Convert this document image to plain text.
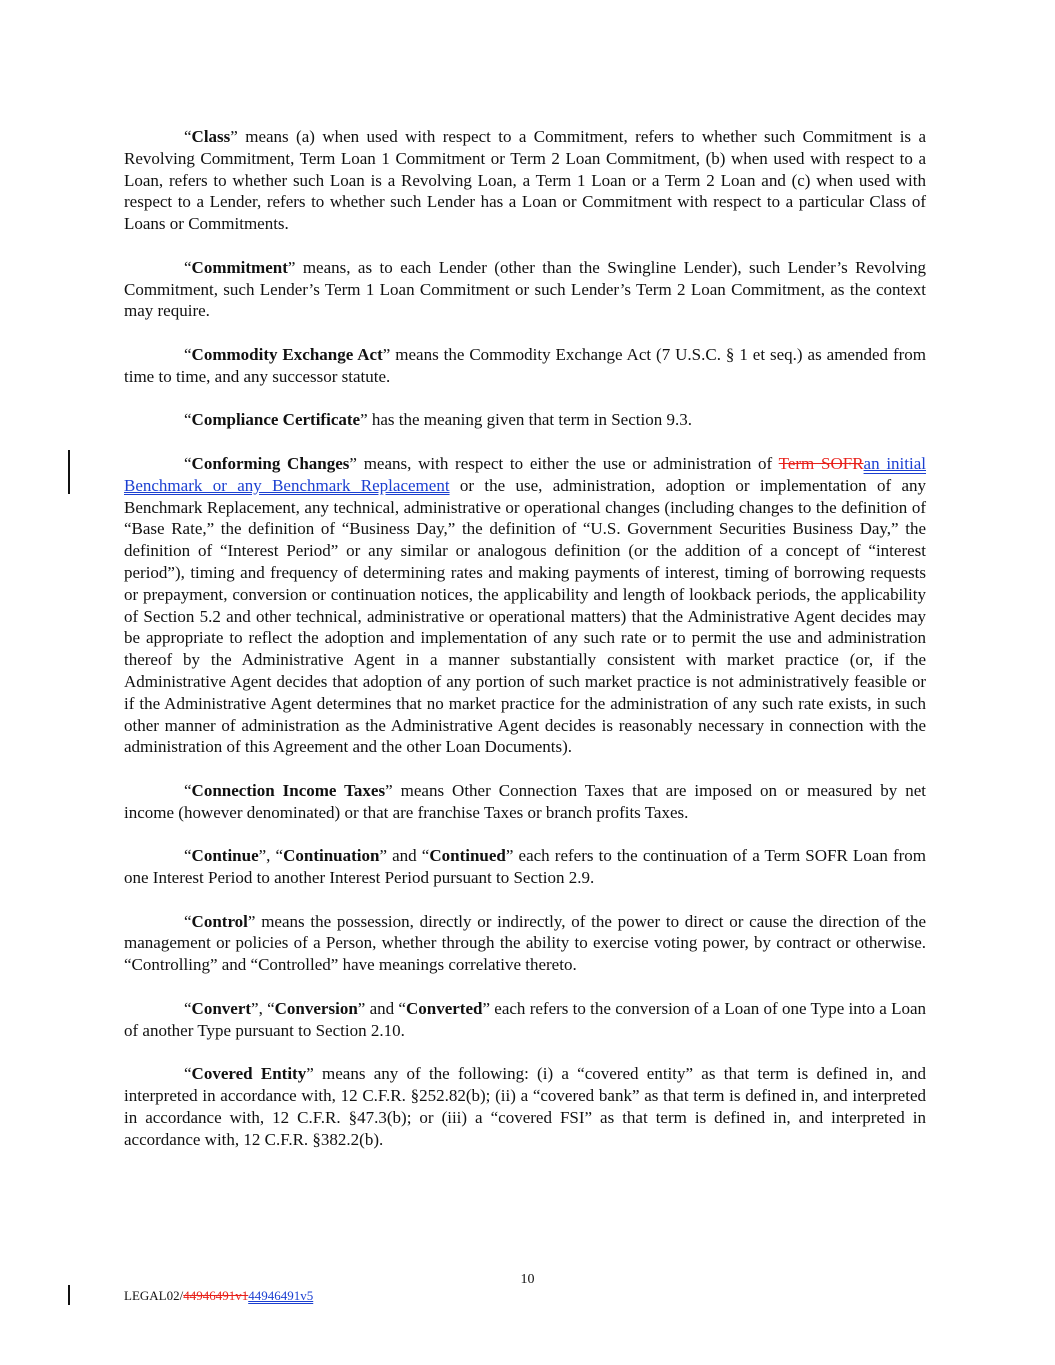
“Class” means (a) when used with respect to a Commitment, refers to whether such Commitment is a Revolving Commitment, Term Loan 1 Commitment or Term 2 Loan Commitment, (b) when used with respect to a Loan, refers to whether such Loan is a Revolving Loan, a Term 1 Loan or a Term 2 Loan and (c) when used with respect to a Lender, refers to whether such Lender has a Loan or Commitment with respect to a particular Class of Loans or Commitments.

“Commitment” means, as to each Lender (other than the Swingline Lender), such Lender’s Revolving Commitment, such Lender’s Term 1 Loan Commitment or such Lender’s Term 2 Loan Commitment, as the context may require.

“Commodity Exchange Act” means the Commodity Exchange Act (7 U.S.C. § 1 et seq.) as amended from time to time, and any successor statute.

“Compliance Certificate” has the meaning given that term in Section 9.3.

“Conforming Changes” means, with respect to either the use or administration of Term SOFRan initial Benchmark or any Benchmark Replacement or the use, administration, adoption or implementation of any Benchmark Replacement, any technical, administrative or operational changes (including changes to the definition of “Base Rate,” the definition of “Business Day,” the definition of “U.S. Government Securities Business Day,” the definition of “Interest Period” or any similar or analogous definition (or the addition of a concept of “interest period”), timing and frequency of determining rates and making payments of interest, timing of borrowing requests or prepayment, conversion or continuation notices, the applicability and length of lookback periods, the applicability of Section 5.2 and other technical, administrative or operational matters) that the Administrative Agent decides may be appropriate to reflect the adoption and implementation of any such rate or to permit the use and administration thereof by the Administrative Agent in a manner substantially consistent with market practice (or, if the Administrative Agent decides that adoption of any portion of such market practice is not administratively feasible or if the Administrative Agent determines that no market practice for the administration of any such rate exists, in such other manner of administration as the Administrative Agent decides is reasonably necessary in connection with the administration of this Agreement and the other Loan Documents).

“Connection Income Taxes” means Other Connection Taxes that are imposed on or measured by net income (however denominated) or that are franchise Taxes or branch profits Taxes.

“Continue”, “Continuation” and “Continued” each refers to the continuation of a Term SOFR Loan from one Interest Period to another Interest Period pursuant to Section 2.9.

“Control” means the possession, directly or indirectly, of the power to direct or cause the direction of the management or policies of a Person, whether through the ability to exercise voting power, by contract or otherwise. “Controlling” and “Controlled” have meanings correlative thereto.

“Convert”, “Conversion” and “Converted” each refers to the conversion of a Loan of one Type into a Loan of another Type pursuant to Section 2.10.

“Covered Entity” means any of the following: (i) a “covered entity” as that term is defined in, and interpreted in accordance with, 12 C.F.R. §252.82(b); (ii) a “covered bank” as that term is defined in, and interpreted in accordance with, 12 C.F.R. §47.3(b); or (iii) a “covered FSI” as that term is defined in, and interpreted in accordance with, 12 C.F.R. §382.2(b).

10
LEGAL02/44946491v144946491v5
